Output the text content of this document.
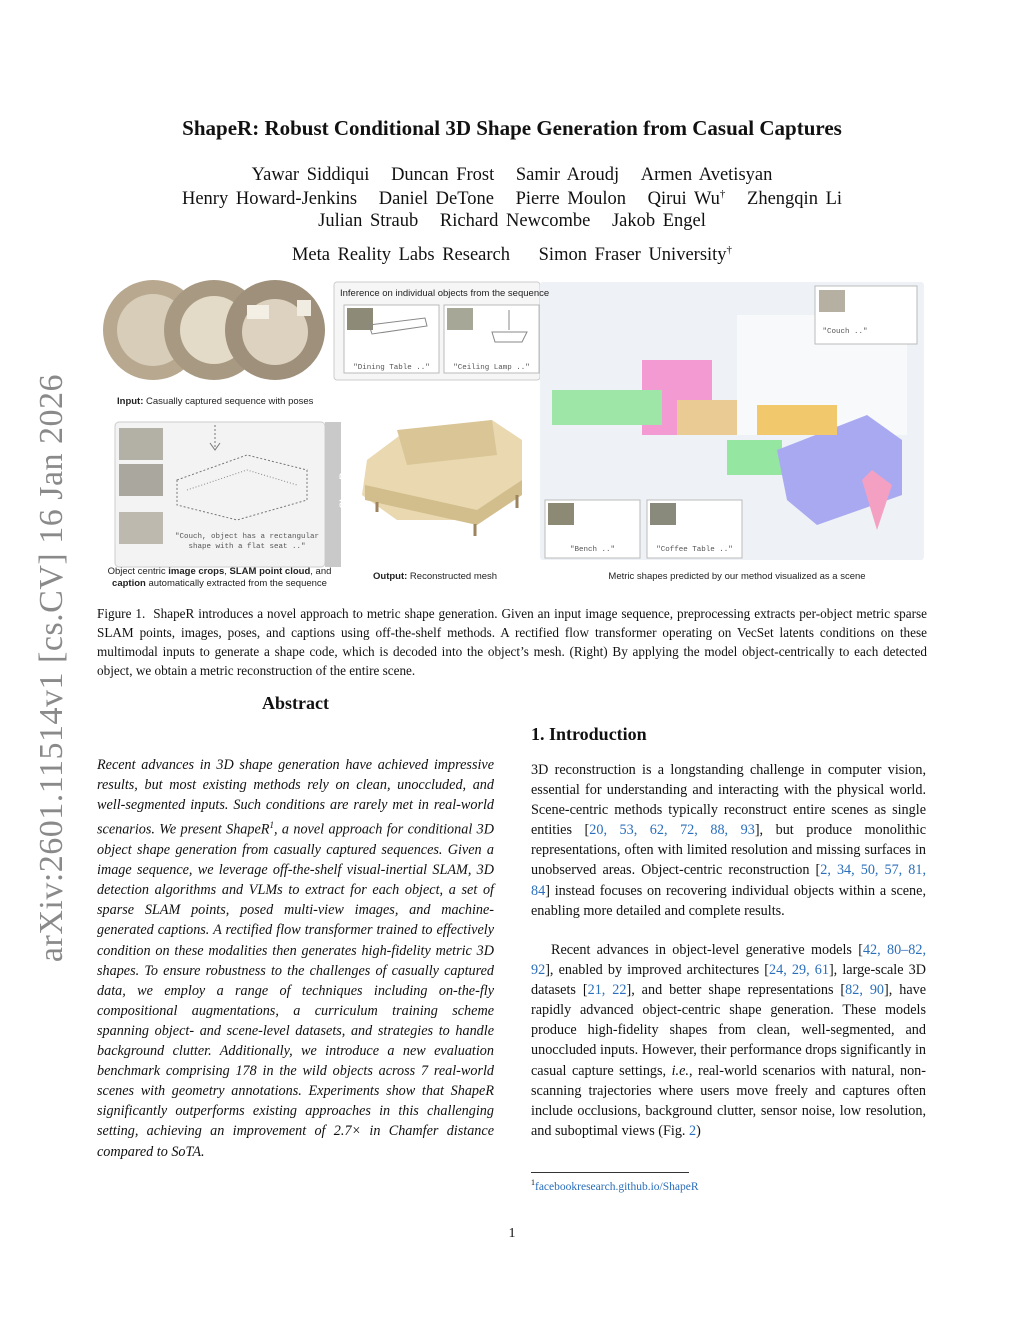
arXiv:2601.11514v1 [cs.CV] 16 Jan 2026
ShapeR: Robust Conditional 3D Shape Generation from Casual Captures
Yawar Siddiqui Duncan Frost Samir Aroudj Armen Avetisyan
Henry Howard-Jenkins Daniel DeTone Pierre Moulon Qirui Wu† Zhengqin Li
Julian Straub Richard Newcombe Jakob Engel
Meta Reality Labs Research Simon Fraser University†
Inference on individual objects from the sequence
"Dining Table .."	"Ceiling Lamp .."
"Couch .."
"Bench .."	"Coffee Table .."
"Couch, object has a rectangular
shape with a flat seat .."
Input: Casually captured sequence with poses
ShapeR
Object centric image crops, SLAM point cloud, and
caption automatically extracted from the sequence
Output: Reconstructed mesh	Metric shapes predicted by our method visualized as a scene
Figure 1. ShapeR introduces a novel approach to metric shape generation. Given an input image sequence, preprocessing extracts per-object metric sparse SLAM points, images, poses, and captions using off-the-shelf methods. A rectified flow transformer operating on VecSet latents conditions on these multimodal inputs to generate a shape code, which is decoded into the object’s mesh. (Right) By applying the model object-centrically to each detected object, we obtain a metric reconstruction of the entire scene.
Abstract
Recent advances in 3D shape generation have achieved impressive results, but most existing methods rely on clean, unoccluded, and well-segmented inputs. Such conditions are rarely met in real-world scenarios. We present ShapeR$^1$, a novel approach for conditional 3D object shape generation from casually captured sequences. Given a image sequence, we leverage off-the-shelf visual-inertial SLAM, 3D detection algorithms and VLMs to extract for each object, a set of sparse SLAM points, posed multi-view images, and machine-generated captions. A rectified flow transformer trained to effectively condition on these modalities then generates high-fidelity metric 3D shapes. To ensure robustness to the challenges of casually captured data, we employ a range of techniques including on-the-fly compositional augmentations, a curriculum training scheme spanning object- and scene-level datasets, and strategies to handle background clutter. Additionally, we introduce a new evaluation benchmark comprising 178 in the wild objects across 7 real-world scenes with geometry annotations. Experiments show that ShapeR significantly outperforms existing approaches in this challenging setting, achieving an improvement of 2.7× in Chamfer distance compared to SoTA.
1. Introduction
3D reconstruction is a longstanding challenge in computer vision, essential for understanding and interacting with the physical world. Scene-centric methods typically reconstruct entire scenes as single entities [20, 53, 62, 72, 88, 93], but produce monolithic representations, often with limited resolution and missing surfaces in unobserved areas. Object-centric reconstruction [2, 34, 50, 57, 81, 84] instead focuses on recovering individual objects within a scene, enabling more detailed and complete results.
Recent advances in object-level generative models [42, 80–82, 92], enabled by improved architectures [24, 29, 61], large-scale 3D datasets [21, 22], and better shape representations [82, 90], have rapidly advanced object-centric shape generation. These models produce high-fidelity shapes from clean, well-segmented, and unoccluded inputs. However, their performance drops significantly in casual capture settings, i.e., real-world scenarios with natural, non-scanning trajectories where users move freely and captures often include occlusions, background clutter, sensor noise, low resolution, and suboptimal views (Fig. 2)
$^1$facebookresearch.github.io/ShapeR
1
